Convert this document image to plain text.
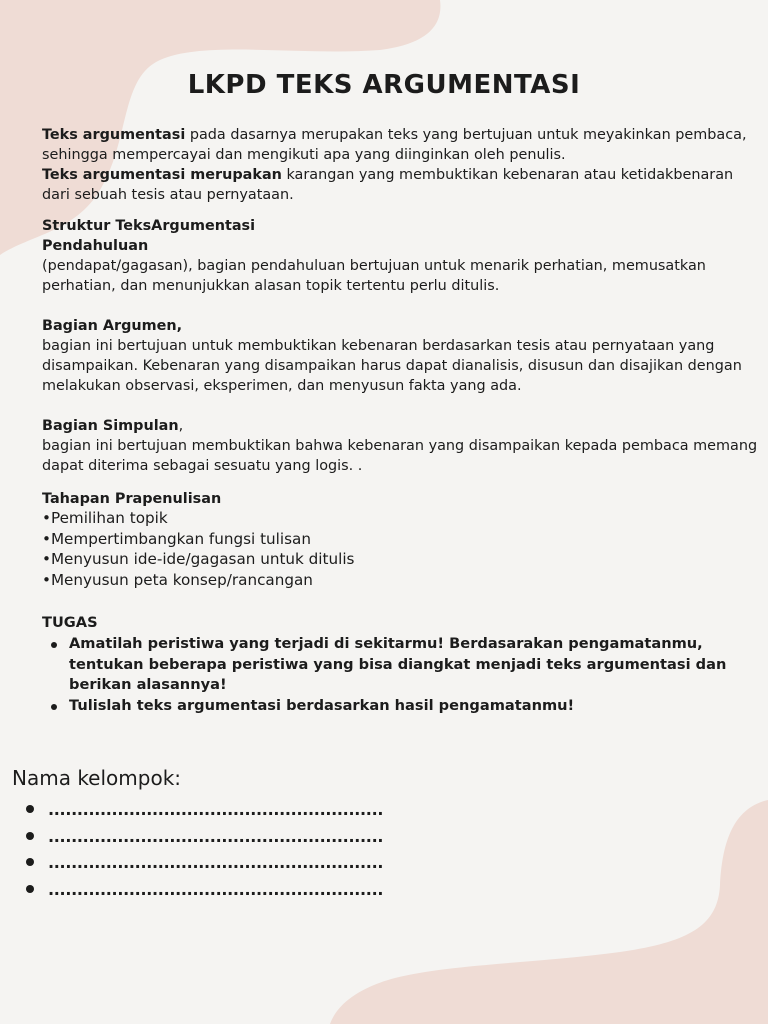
LKPD TEKS ARGUMENTASI

Teks argumentasi pada dasarnya merupakan teks yang bertujuan untuk meyakinkan pembaca, sehingga mempercayai dan mengikuti apa yang diinginkan oleh penulis.
Teks argumentasi merupakan karangan yang membuktikan kebenaran atau ketidakbenaran dari sebuah tesis atau pernyataan.

Struktur TeksArgumentasi
Pendahuluan
(pendapat/gagasan), bagian pendahuluan bertujuan untuk menarik perhatian, memusatkan perhatian, dan menunjukkan alasan topik tertentu perlu ditulis.

Bagian Argumen,
bagian ini bertujuan untuk membuktikan kebenaran berdasarkan tesis atau pernyataan yang disampaikan. Kebenaran yang disampaikan harus dapat dianalisis, disusun dan disajikan dengan melakukan observasi, eksperimen, dan menyusun fakta yang ada.

Bagian Simpulan,
bagian ini bertujuan membuktikan bahwa kebenaran yang disampaikan kepada pembaca memang dapat diterima sebagai sesuatu yang logis. .

Tahapan Prapenulisan

•Pemilihan topik
•Mempertimbangkan fungsi tulisan
•Menyusun ide-ide/gagasan untuk ditulis
•Menyusun peta konsep/rancangan
TUGAS
Amatilah peristiwa yang terjadi di sekitarmu! Berdasarakan pengamatanmu, tentukan beberapa peristiwa yang bisa diangkat menjadi teks argumentasi dan berikan alasannya!
Tulislah teks argumentasi berdasarkan hasil pengamatanmu!
Nama kelompok:
..........................................................
..........................................................
..........................................................
..........................................................
